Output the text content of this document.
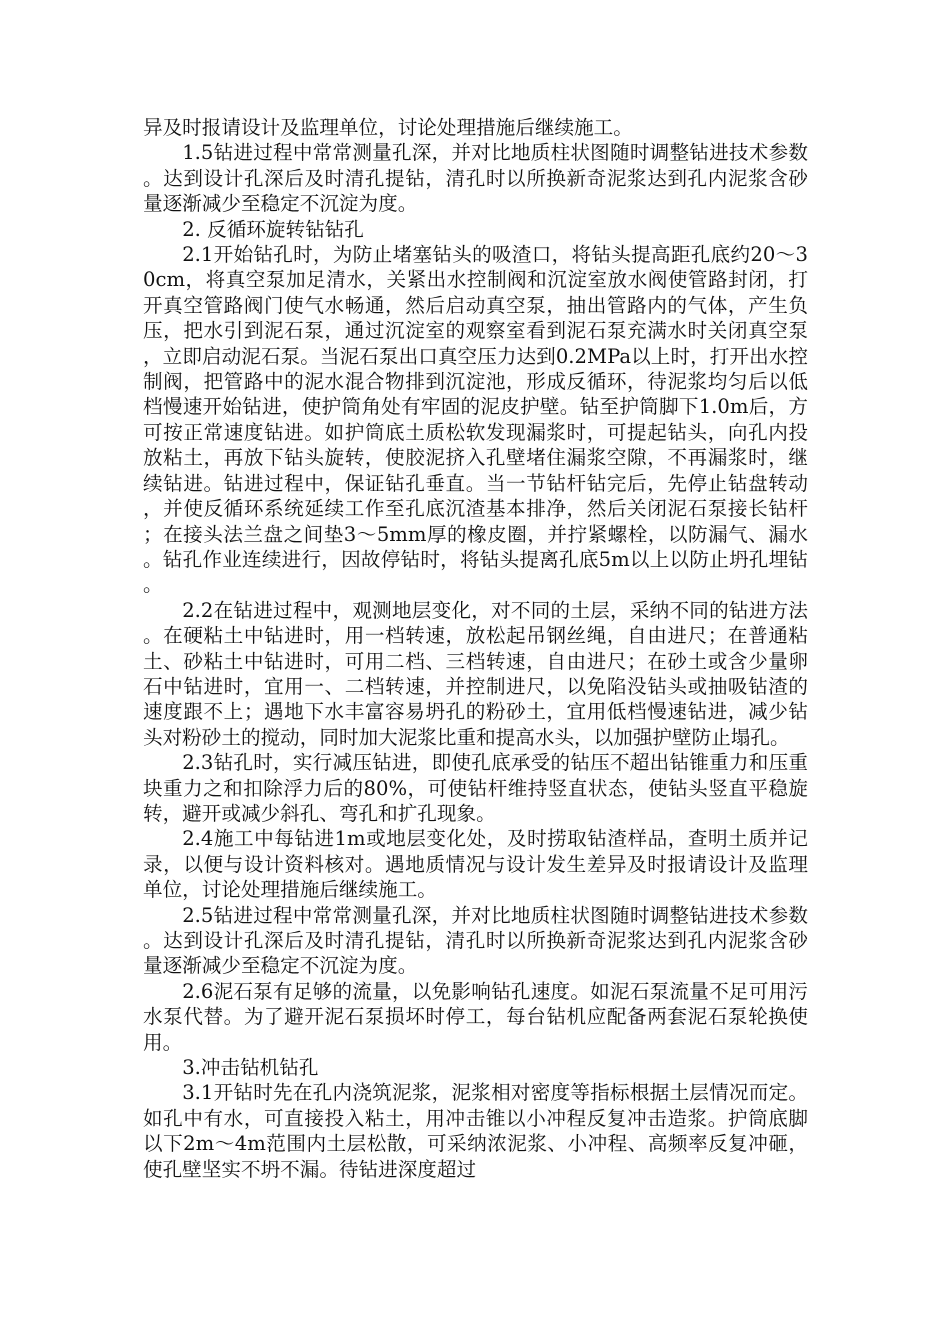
异及时报请设计及监理单位，讨论处理措施后继续施工。

1.5钻进过程中常常测量孔深，并对比地质柱状图随时调整钻进技术参数。达到设计孔深后及时清孔提钻，清孔时以所换新奇泥浆达到孔内泥浆含砂量逐渐减少至稳定不沉淀为度。

2. 反循环旋转钻钻孔

2.1开始钻孔时，为防止堵塞钻头的吸渣口，将钻头提高距孔底约20～30cm，将真空泵加足清水，关紧出水控制阀和沉淀室放水阀使管路封闭，打开真空管路阀门使气水畅通，然后启动真空泵，抽出管路内的气体，产生负压，把水引到泥石泵，通过沉淀室的观察室看到泥石泵充满水时关闭真空泵，立即启动泥石泵。当泥石泵出口真空压力达到0.2MPa以上时，打开出水控制阀，把管路中的泥水混合物排到沉淀池，形成反循环，待泥浆均匀后以低档慢速开始钻进，使护筒角处有牢固的泥皮护壁。钻至护筒脚下1.0m后，方可按正常速度钻进。如护筒底土质松软发现漏浆时，可提起钻头，向孔内投放粘土，再放下钻头旋转，使胶泥挤入孔壁堵住漏浆空隙，不再漏浆时，继续钻进。钻进过程中，保证钻孔垂直。当一节钻杆钻完后，先停止钻盘转动，并使反循环系统延续工作至孔底沉渣基本排净，然后关闭泥石泵接长钻杆；在接头法兰盘之间垫3～5mm厚的橡皮圈，并拧紧螺栓，以防漏气、漏水。钻孔作业连续进行，因故停钻时，将钻头提离孔底5m以上以防止坍孔埋钻。

2.2在钻进过程中，观测地层变化，对不同的土层，采纳不同的钻进方法。在硬粘土中钻进时，用一档转速，放松起吊钢丝绳，自由进尺；在普通粘土、砂粘土中钻进时，可用二档、三档转速，自由进尺；在砂土或含少量卵石中钻进时，宜用一、二档转速，并控制进尺，以免陷没钻头或抽吸钻渣的速度跟不上；遇地下水丰富容易坍孔的粉砂土，宜用低档慢速钻进，减少钻头对粉砂土的搅动，同时加大泥浆比重和提高水头，以加强护壁防止塌孔。

2.3钻孔时，实行减压钻进，即使孔底承受的钻压不超出钻锥重力和压重块重力之和扣除浮力后的80%，可使钻杆维持竖直状态，使钻头竖直平稳旋转，避开或减少斜孔、弯孔和扩孔现象。

2.4施工中每钻进1m或地层变化处，及时捞取钻渣样品，查明土质并记录，以便与设计资料核对。遇地质情况与设计发生差异及时报请设计及监理单位，讨论处理措施后继续施工。

2.5钻进过程中常常测量孔深，并对比地质柱状图随时调整钻进技术参数。达到设计孔深后及时清孔提钻，清孔时以所换新奇泥浆达到孔内泥浆含砂量逐渐减少至稳定不沉淀为度。

2.6泥石泵有足够的流量，以免影响钻孔速度。如泥石泵流量不足可用污水泵代替。为了避开泥石泵损坏时停工，每台钻机应配备两套泥石泵轮换使用。

3.冲击钻机钻孔

3.1开钻时先在孔内浇筑泥浆，泥浆相对密度等指标根据土层情况而定。如孔中有水，可直接投入粘土，用冲击锥以小冲程反复冲击造浆。护筒底脚以下2m～4m范围内土层松散，可采纳浓泥浆、小冲程、高频率反复冲砸，使孔壁坚实不坍不漏。待钻进深度超过
